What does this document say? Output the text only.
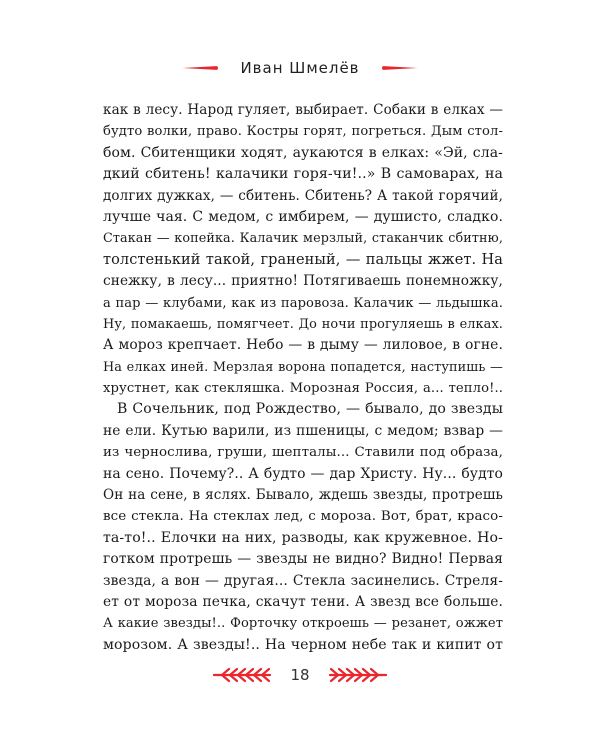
Иван Шмелёв
как в лесу. Народ гуляет, выбирает. Собаки в елках —
будто волки, право. Костры горят, погреться. Дым стол-
бом. Сбитенщики ходят, аукаются в елках: «Эй, сла-
дкий сбитень! калачики горя-чи!..» В самоварах, на
долгих дужках, — сбитень. Сбитень? А такой горячий,
лучше чая. С медом, с имбирем, — душисто, сладко.
Стакан — копейка. Калачик мерзлый, стаканчик сбитню,
толстенький такой, граненый, — пальцы жжет. На
снежку, в лесу... приятно! Потягиваешь понемножку,
а пар — клубами, как из паровоза. Калачик — льдышка.
Ну, помакаешь, помягчеет. До ночи прогуляешь в елках.
А мороз крепчает. Небо — в дыму — лиловое, в огне.
На елках иней. Мерзлая ворона попадется, наступишь —
хрустнет, как стекляшка. Морозная Россия, а... тепло!..
В Сочельник, под Рождество, — бывало, до звезды
не ели. Кутью варили, из пшеницы, с медом; взвар —
из чернослива, груши, шепталы... Ставили под образа,
на сено. Почему?.. А будто — дар Христу. Ну... будто
Он на сене, в яслях. Бывало, ждешь звезды, протрешь
все стекла. На стеклах лед, с мороза. Вот, брат, красо-
та-то!.. Елочки на них, разводы, как кружевное. Но-
готком протрешь — звезды не видно? Видно! Первая
звезда, а вон — другая... Стекла засинелись. Стреля-
ет от мороза печка, скачут тени. А звезд все больше.
А какие звезды!.. Форточку откроешь — резанет, ожжет
морозом. А звезды!.. На черном небе так и кипит от
18
